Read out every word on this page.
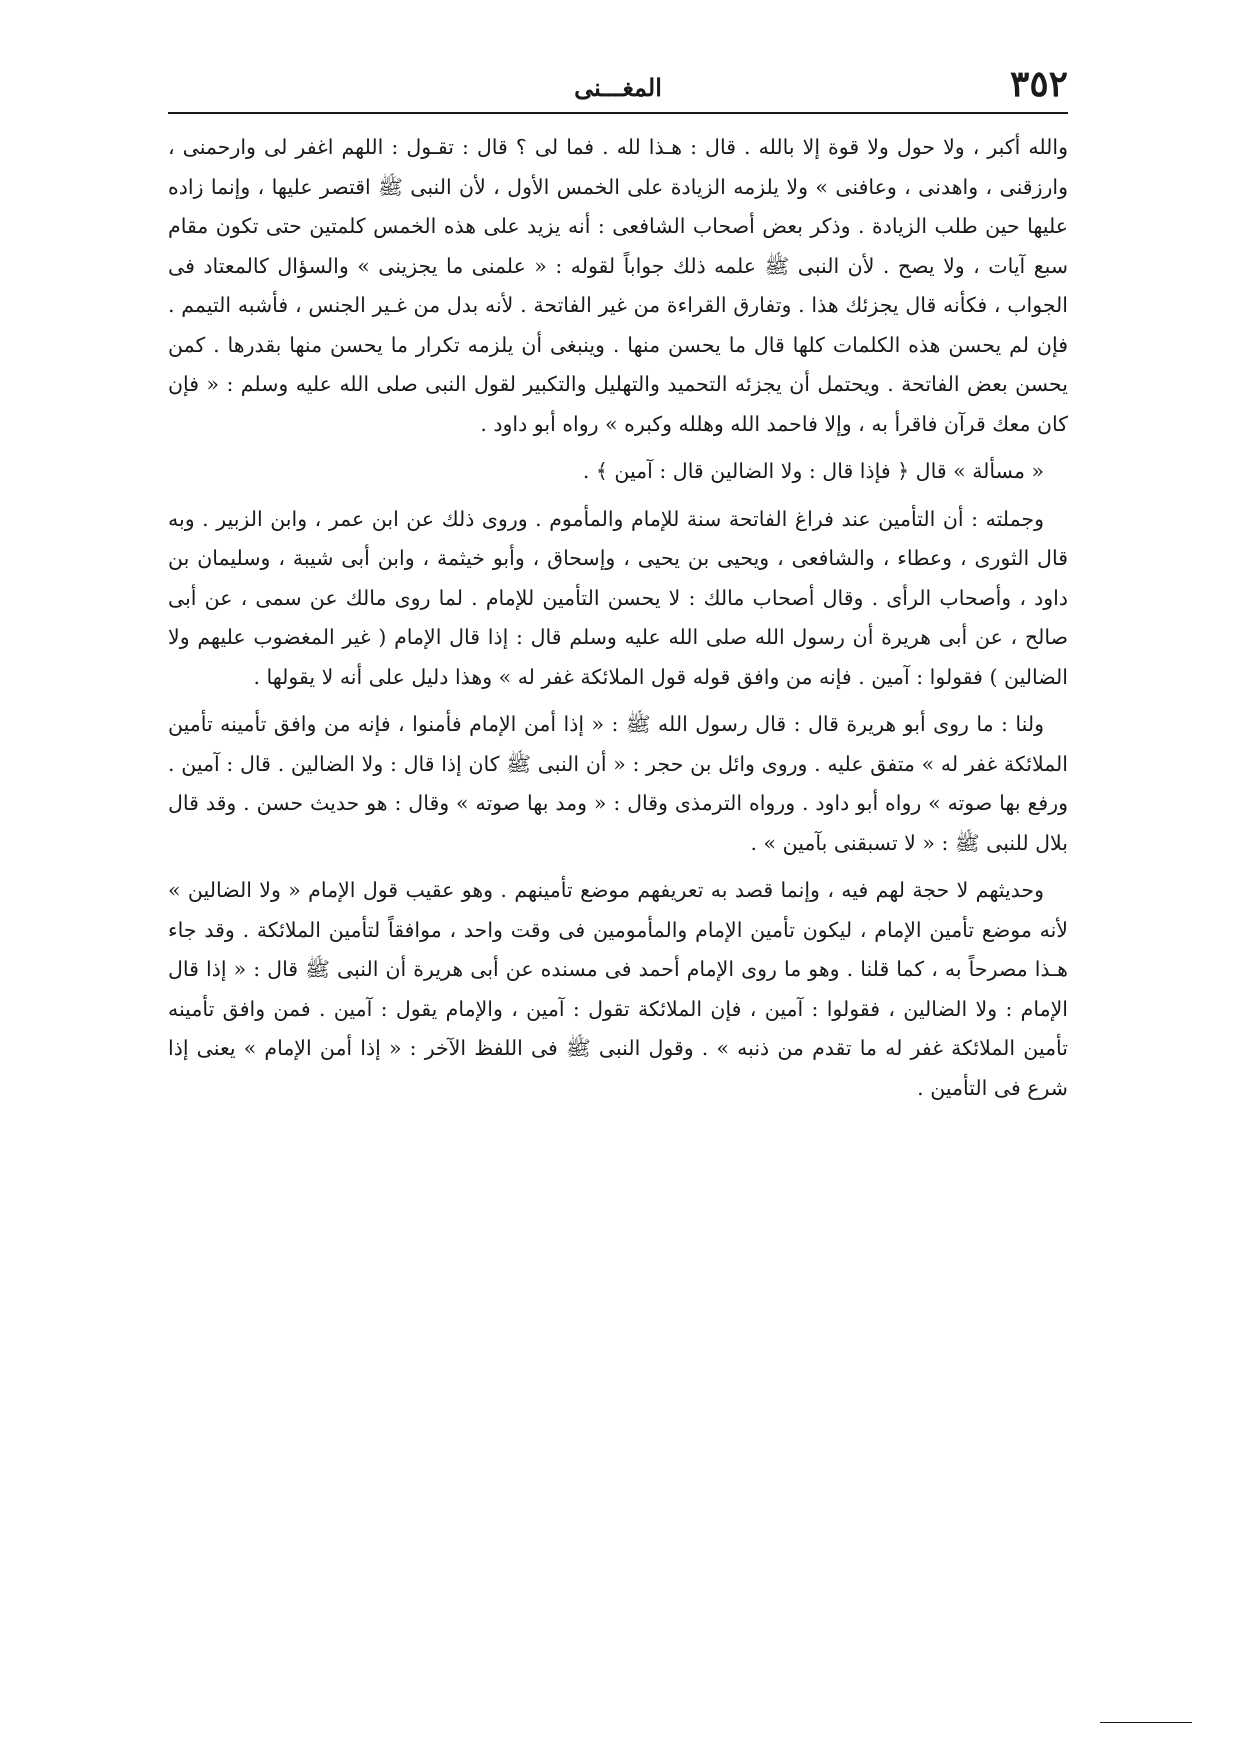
٣٥٢
المغـــنى

والله أكبر ، ولا حول ولا قوة إلا بالله . قال : هـذا لله . فما لى ؟ قال : تقـول : اللهم اغفر لى وارحمنى ، وارزقنى ، واهدنى ، وعافنى » ولا يلزمه الزيادة على الخمس الأول ، لأن النبى ﷺ اقتصر عليها ، وإنما زاده عليها حين طلب الزيادة . وذكر بعض أصحاب الشافعى : أنه يزيد على هذه الخمس كلمتين حتى تكون مقام سبع آيات ، ولا يصح . لأن النبى ﷺ علمه ذلك جواباً لقوله : « علمنى ما يجزينى » والسؤال كالمعتاد فى الجواب ، فكأنه قال يجزئك هذا . وتفارق القراءة من غير الفاتحة . لأنه بدل من غـير الجنس ، فأشبه التيمم . فإن لم يحسن هذه الكلمات كلها قال ما يحسن منها . وينبغى أن يلزمه تكرار ما يحسن منها بقدرها . كمن يحسن بعض الفاتحة . ويحتمل أن يجزئه التحميد والتهليل والتكبير لقول النبى صلى الله عليه وسلم : « فإن كان معك قرآن فاقرأ به ، وإلا فاحمد الله وهلله وكبره » رواه أبو داود .

« مسألة » قال ﴿ فإذا قال : ولا الضالين قال : آمين ﴾ .

وجملته : أن التأمين عند فراغ الفاتحة سنة للإمام والمأموم . وروى ذلك عن ابن عمر ، وابن الزبير . وبه قال الثورى ، وعطاء ، والشافعى ، ويحيى بن يحيى ، وإسحاق ، وأبو خيثمة ، وابن أبى شيبة ، وسليمان بن داود ، وأصحاب الرأى . وقال أصحاب مالك : لا يحسن التأمين للإمام . لما روى مالك عن سمى ، عن أبى صالح ، عن أبى هريرة أن رسول الله صلى الله عليه وسلم قال : إذا قال الإمام ( غير المغضوب عليهم ولا الضالين ) فقولوا : آمين . فإنه من وافق قوله قول الملائكة غفر له » وهذا دليل على أنه لا يقولها .

ولنا : ما روى أبو هريرة قال : قال رسول الله ﷺ : « إذا أمن الإمام فأمنوا ، فإنه من وافق تأمينه تأمين الملائكة غفر له » متفق عليه . وروى وائل بن حجر : « أن النبى ﷺ كان إذا قال : ولا الضالين . قال : آمين . ورفع بها صوته » رواه أبو داود . ورواه الترمذى وقال : « ومد بها صوته » وقال : هو حديث حسن . وقد قال بلال للنبى ﷺ : « لا تسبقنى بآمين » .

وحديثهم لا حجة لهم فيه ، وإنما قصد به تعريفهم موضع تأمينهم . وهو عقيب قول الإمام « ولا الضالين » لأنه موضع تأمين الإمام ، ليكون تأمين الإمام والمأمومين فى وقت واحد ، موافقاً لتأمين الملائكة . وقد جاء هـذا مصرحاً به ، كما قلنا . وهو ما روى الإمام أحمد فى مسنده عن أبى هريرة أن النبى ﷺ قال : « إذا قال الإمام : ولا الضالين ، فقولوا : آمين ، فإن الملائكة تقول : آمين ، والإمام يقول : آمين . فمن وافق تأمينه تأمين الملائكة غفر له ما تقدم من ذنبه » . وقول النبى ﷺ فى اللفظ الآخر : « إذا أمن الإمام » يعنى إذا شرع فى التأمين .
